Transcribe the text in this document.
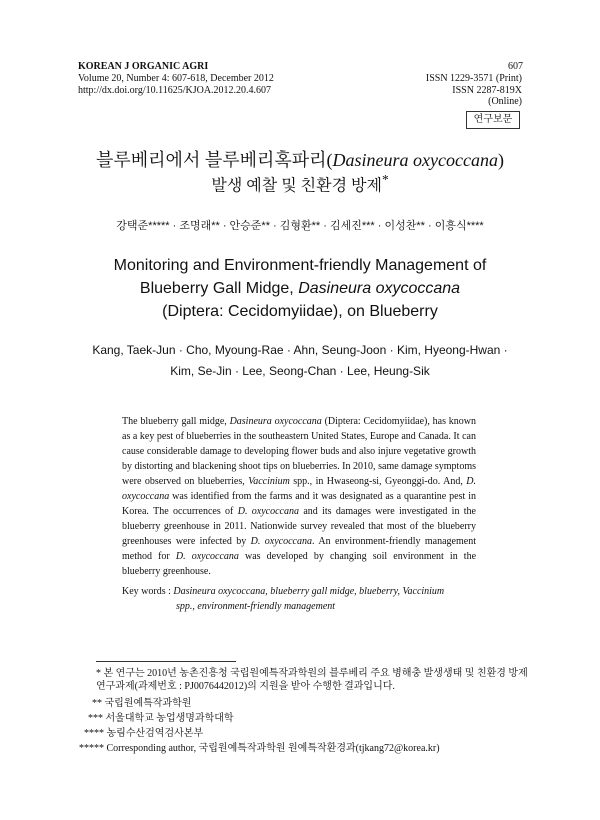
KOREAN J ORGANIC AGRI
Volume 20, Number 4: 607-618, December 2012
http://dx.doi.org/10.11625/KJOA.2012.20.4.607
607
ISSN 1229-3571 (Print)
ISSN 2287-819X (Online)
연구보문
블루베리에서 블루베리혹파리(Dasineura oxycoccana)
발생 예찰 및 친환경 방제*
강택준***** · 조명래** · 안승준** · 김형환** · 김세진*** · 이성찬** · 이흥식****
Monitoring and Environment-friendly Management of
Blueberry Gall Midge, Dasineura oxycoccana
(Diptera: Cecidomyiidae), on Blueberry
Kang, Taek-Jun · Cho, Myoung-Rae · Ahn, Seung-Joon · Kim, Hyeong-Hwan ·
Kim, Se-Jin · Lee, Seong-Chan · Lee, Heung-Sik
The blueberry gall midge, Dasineura oxycoccana (Diptera: Cecidomyiidae), has known as a key pest of blueberries in the southeastern United States, Europe and Canada. It can cause considerable damage to developing flower buds and also injure vegetative growth by distorting and blackening shoot tips on blueberries. In 2010, same damage symptoms were observed on blueberries, Vaccinium spp., in Hwaseong-si, Gyeonggi-do. And, D. oxycoccana was identified from the farms and it was designated as a quarantine pest in Korea. The occurrences of D. oxycoccana and its damages were investigated in the blueberry greenhouse in 2011. Nationwide survey revealed that most of the blueberry greenhouses were infected by D. oxycoccana. An environment-friendly management method for D. oxycoccana was developed by changing soil environment in the blueberry greenhouse.
Key words : Dasineura oxycoccana, blueberry gall midge, blueberry, Vaccinium
spp., environment-friendly management
* 본 연구는 2010년 농촌진흥청 국립원예특작과학원의 블루베리 주요 병해충 발생생태 및 친환경 방제 연구과제(과제번호 : PJ0076442012)의 지원을 받아 수행한 결과입니다.
** 국립원예특작과학원
*** 서울대학교 농업생명과학대학
**** 농림수산검역검사본부
***** Corresponding author, 국립원예특작과학원 원예특작환경과(tjkang72@korea.kr)
